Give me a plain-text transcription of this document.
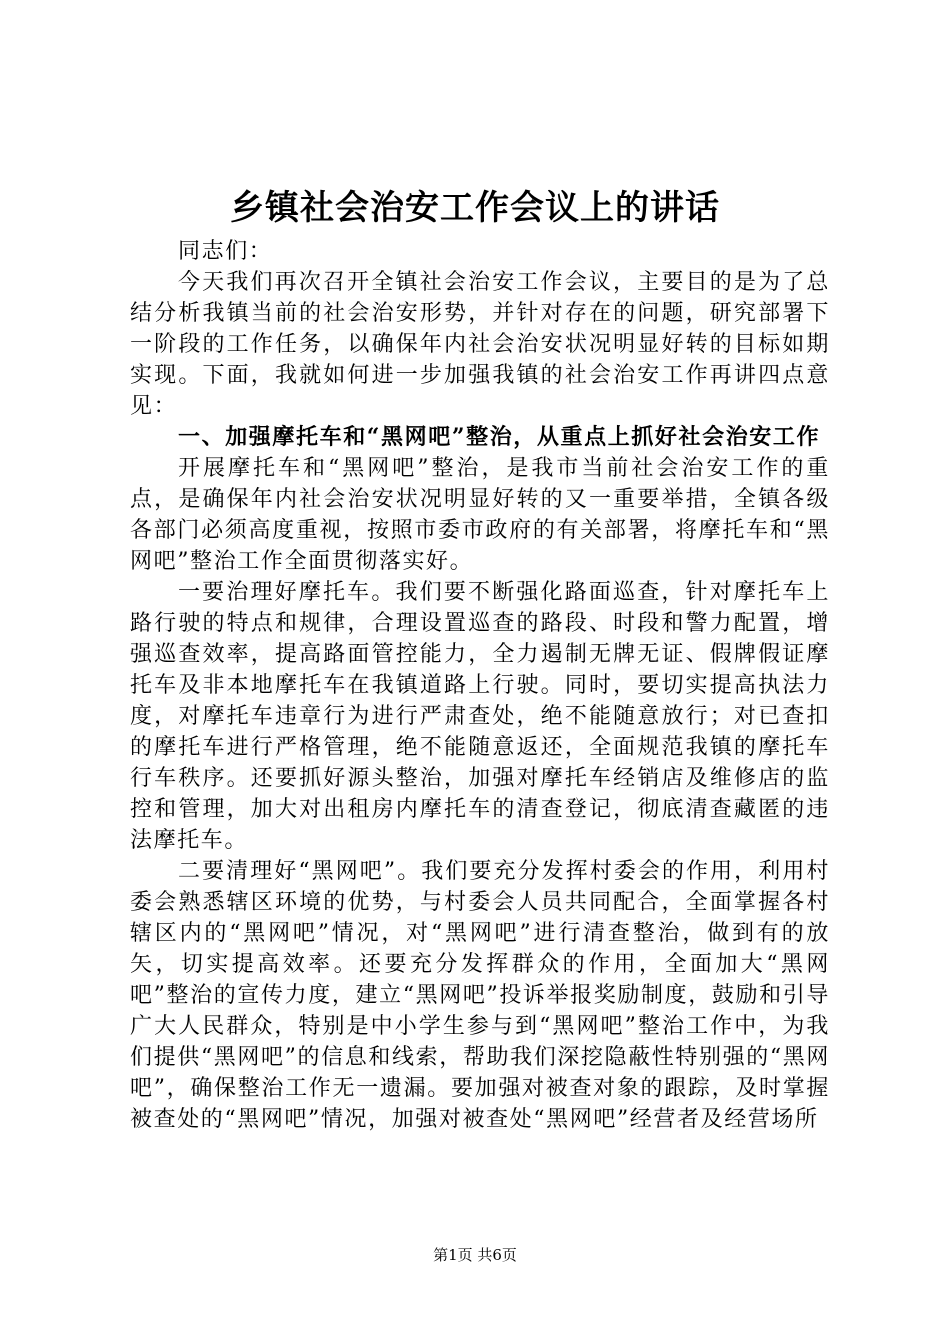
乡镇社会治安工作会议上的讲话

同志们：

今天我们再次召开全镇社会治安工作会议，主要目的是为了总结分析我镇当前的社会治安形势，并针对存在的问题，研究部署下一阶段的工作任务，以确保年内社会治安状况明显好转的目标如期实现。下面，我就如何进一步加强我镇的社会治安工作再讲四点意见：

一、加强摩托车和“黑网吧”整治，从重点上抓好社会治安工作

开展摩托车和“黑网吧”整治，是我市当前社会治安工作的重点，是确保年内社会治安状况明显好转的又一重要举措，全镇各级各部门必须高度重视，按照市委市政府的有关部署，将摩托车和“黑网吧”整治工作全面贯彻落实好。

一要治理好摩托车。我们要不断强化路面巡查，针对摩托车上路行驶的特点和规律，合理设置巡查的路段、时段和警力配置，增强巡查效率，提高路面管控能力，全力遏制无牌无证、假牌假证摩托车及非本地摩托车在我镇道路上行驶。同时，要切实提高执法力度，对摩托车违章行为进行严肃查处，绝不能随意放行；对已查扣的摩托车进行严格管理，绝不能随意返还，全面规范我镇的摩托车行车秩序。还要抓好源头整治，加强对摩托车经销店及维修店的监控和管理，加大对出租房内摩托车的清查登记，彻底清查藏匿的违法摩托车。

二要清理好“黑网吧”。我们要充分发挥村委会的作用，利用村委会熟悉辖区环境的优势，与村委会人员共同配合，全面掌握各村辖区内的“黑网吧”情况，对“黑网吧”进行清查整治，做到有的放矢，切实提高效率。还要充分发挥群众的作用，全面加大“黑网吧”整治的宣传力度，建立“黑网吧”投诉举报奖励制度，鼓励和引导广大人民群众，特别是中小学生参与到“黑网吧”整治工作中，为我们提供“黑网吧”的信息和线索，帮助我们深挖隐蔽性特别强的“黑网吧”，确保整治工作无一遗漏。要加强对被查对象的跟踪，及时掌握被查处的“黑网吧”情况，加强对被查处“黑网吧”经营者及经营场所

第1页 共6页
